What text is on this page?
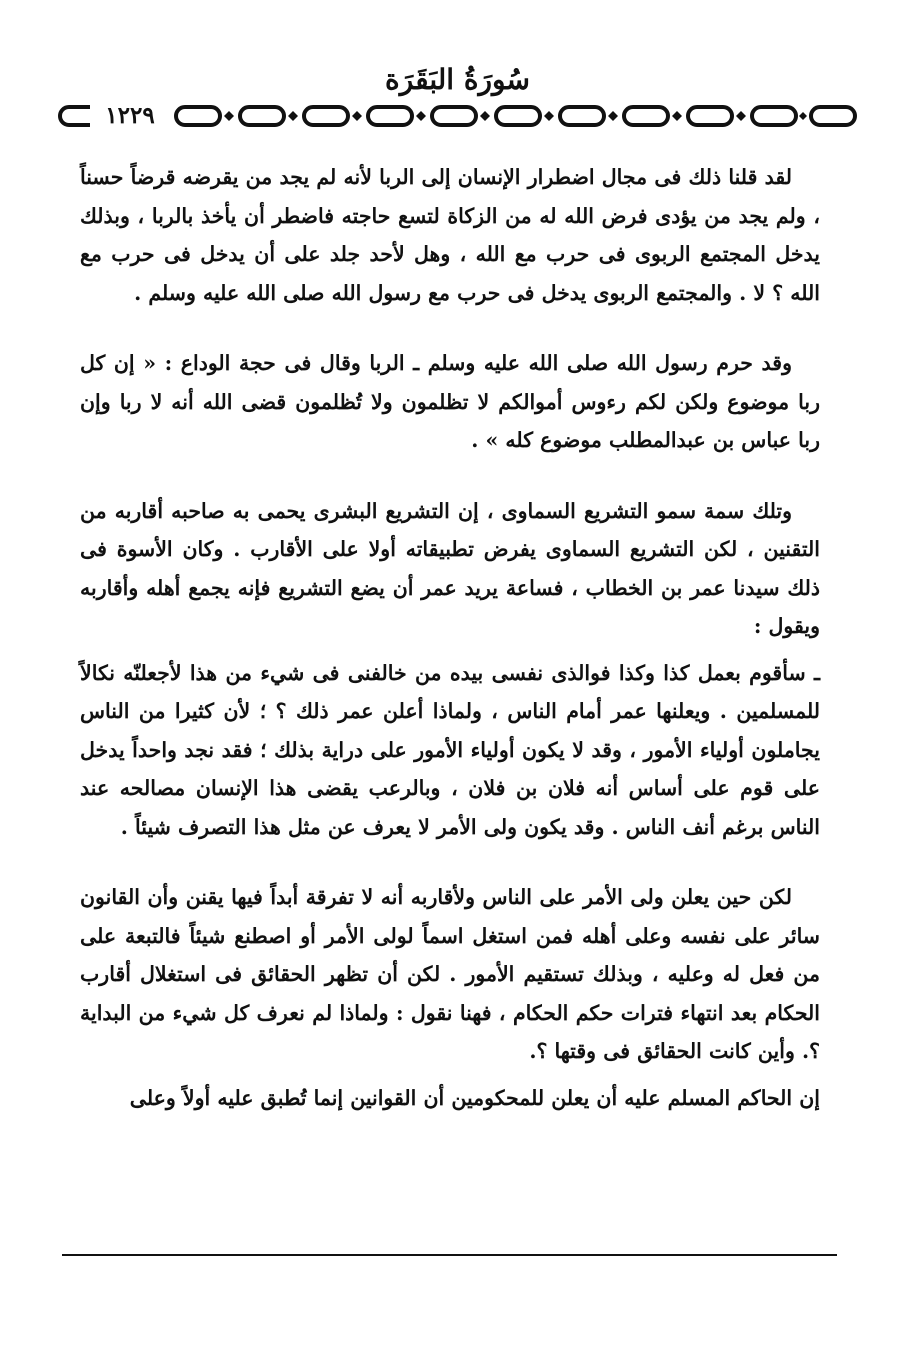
سُورَةُ البَقَرَة
١٢٢٩

لقد قلنا ذلك فى مجال اضطرار الإنسان إلى الربا لأنه لم يجد من يقرضه قرضاً حسناً ، ولم يجد من يؤدى فرض الله له من الزكاة لتسع حاجته فاضطر أن يأخذ بالربا ، وبذلك يدخل المجتمع الربوى فى حرب مع الله ، وهل لأحد جلد على أن يدخل فى حرب مع الله ؟ لا . والمجتمع الربوى يدخل فى حرب مع رسول الله صلى الله عليه وسلم .

وقد حرم رسول الله صلى الله عليه وسلم ـ الربا وقال فى حجة الوداع : « إن كل ربا موضوع ولكن لكم رءوس أموالكم لا تظلمون ولا تُظلمون قضى الله أنه لا ربا وإن ربا عباس بن عبدالمطلب موضوع كله » .

وتلك سمة سمو التشريع السماوى ، إن التشريع البشرى يحمى به صاحبه أقاربه من التقنين ، لكن التشريع السماوى يفرض تطبيقاته أولا على الأقارب . وكان الأسوة فى ذلك سيدنا عمر بن الخطاب ، فساعة يريد عمر أن يضع التشريع فإنه يجمع أهله وأقاربه ويقول :

ـ سأقوم بعمل كذا وكذا فوالذى نفسى بيده من خالفنى فى شيء من هذا لأجعلنّه نكالاً للمسلمين . ويعلنها عمر أمام الناس ، ولماذا أعلن عمر ذلك ؟ ؛ لأن كثيرا من الناس يجاملون أولياء الأمور ، وقد لا يكون أولياء الأمور على دراية بذلك ؛ فقد نجد واحداً يدخل على قوم على أساس أنه فلان بن فلان ، وبالرعب يقضى هذا الإنسان مصالحه عند الناس برغم أنف الناس . وقد يكون ولى الأمر لا يعرف عن مثل هذا التصرف شيئاً .

لكن حين يعلن ولى الأمر على الناس ولأقاربه أنه لا تفرقة أبداً فيها يقنن وأن القانون سائر على نفسه وعلى أهله فمن استغل اسماً لولى الأمر أو اصطنع شيئاً فالتبعة على من فعل له وعليه ، وبذلك تستقيم الأمور . لكن أن تظهر الحقائق فى استغلال أقارب الحكام بعد انتهاء فترات حكم الحكام ، فهنا نقول : ولماذا لم نعرف كل شيء من البداية ؟. وأين كانت الحقائق فى وقتها ؟.

إن الحاكم المسلم عليه أن يعلن للمحكومين أن القوانين إنما تُطبق عليه أولاً وعلى
